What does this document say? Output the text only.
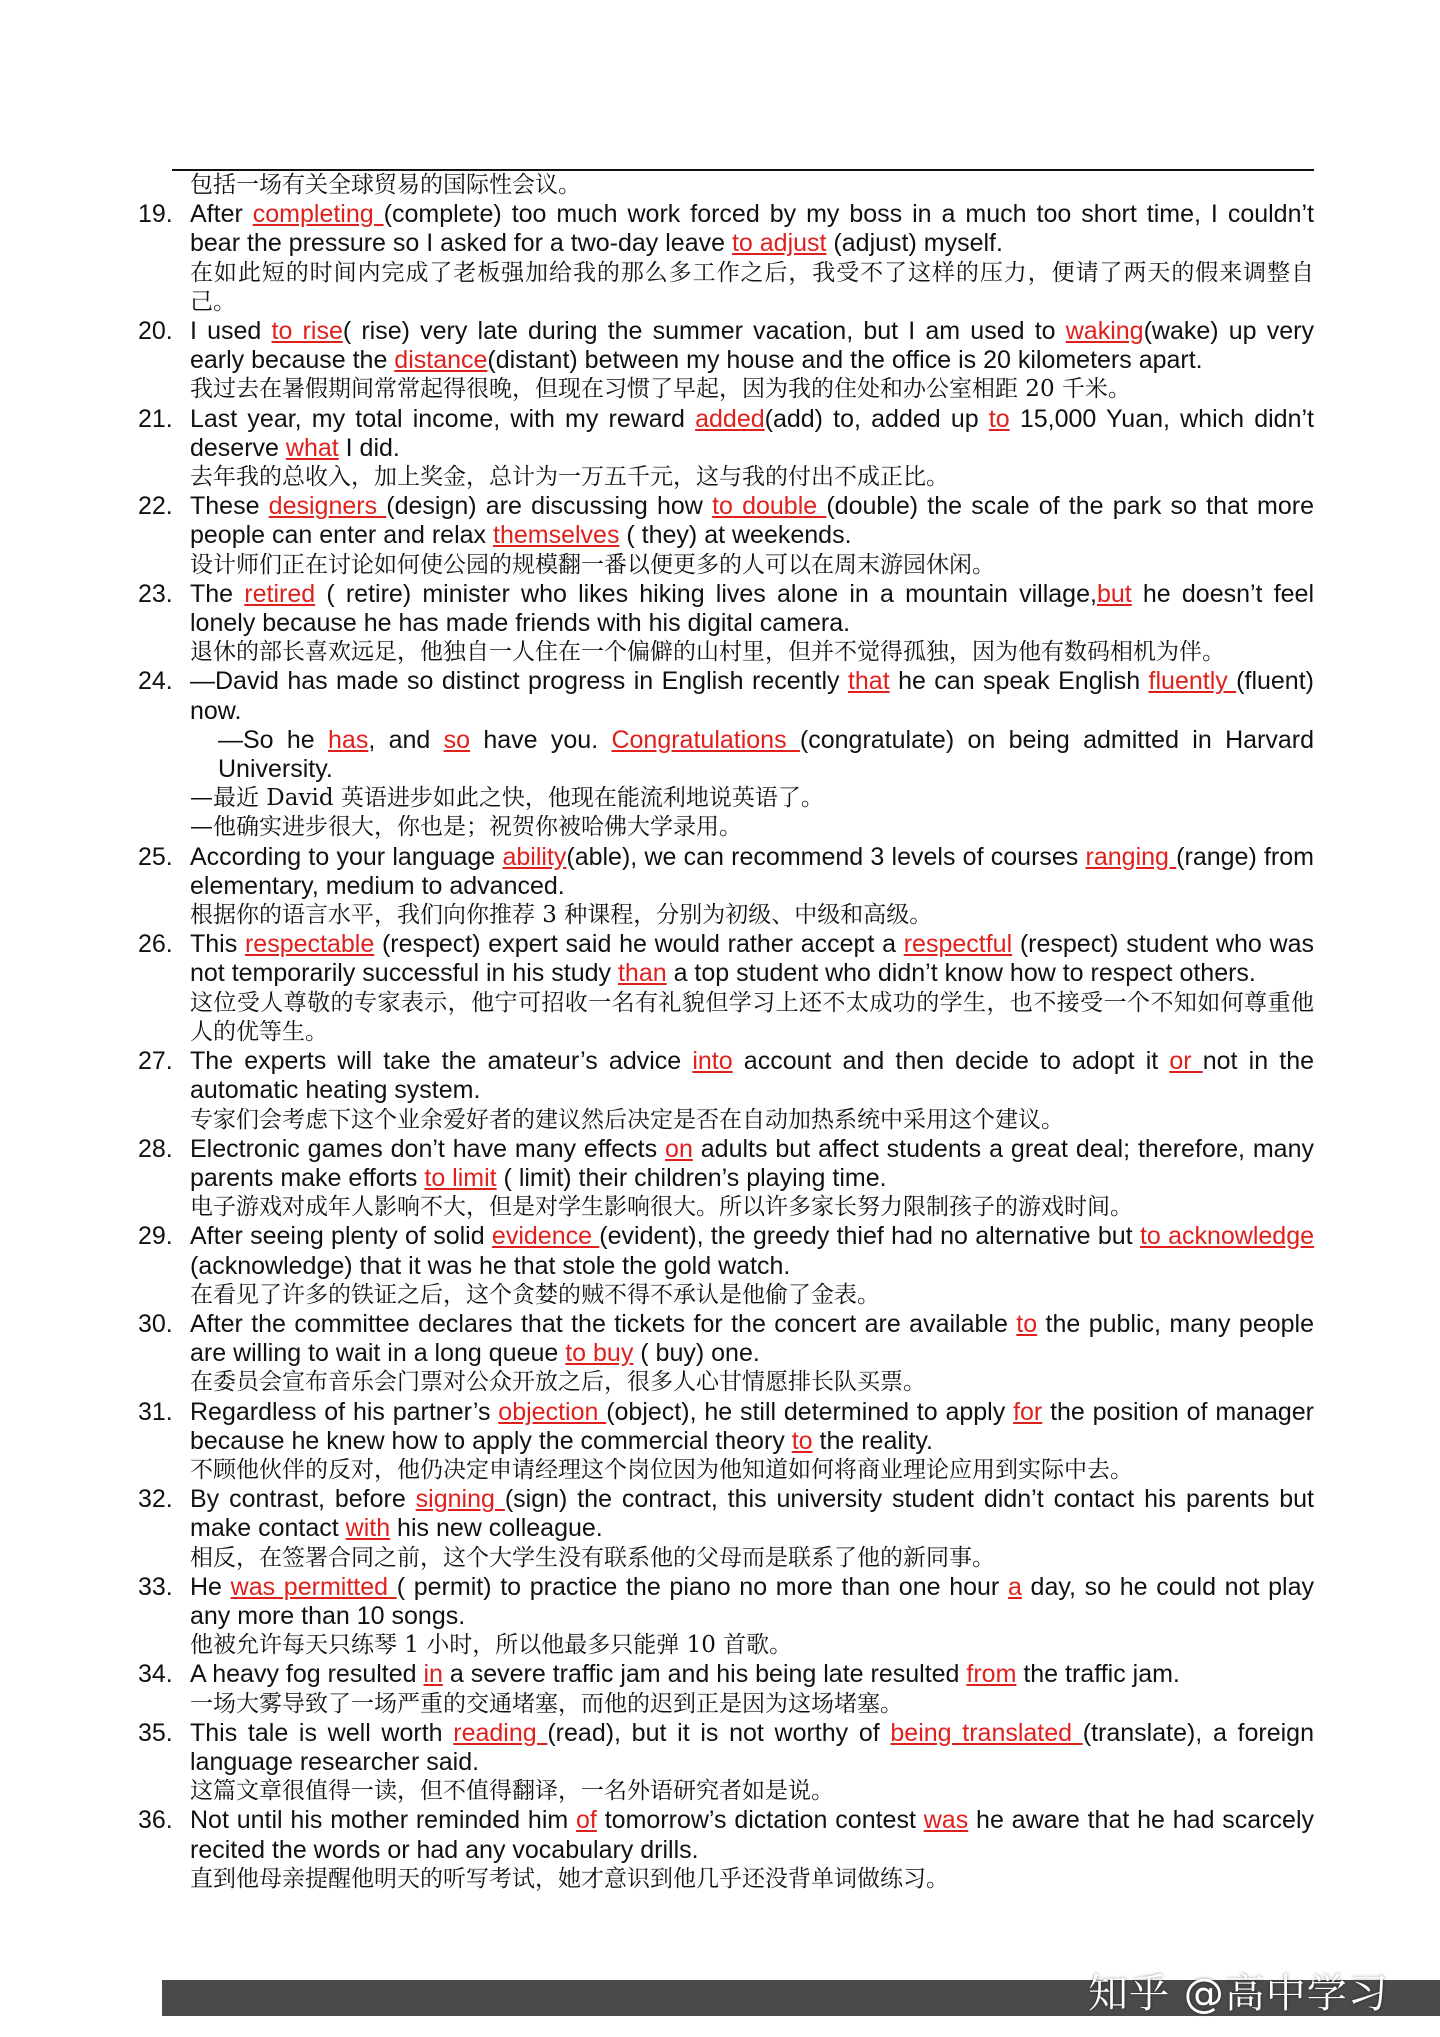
包括一场有关全球贸易的国际性会议。
19. After completing (complete) too much work forced by my boss in a much too short time, I couldn’t bear the pressure so I asked for a two-day leave to adjust (adjust) myself.
在如此短的时间内完成了老板强加给我的那么多工作之后，我受不了这样的压力，便请了两天的假来调整自己。
20. I used to rise( rise) very late during the summer vacation, but I am used to waking(wake) up very early because the distance(distant) between my house and the office is 20 kilometers apart.
我过去在暑假期间常常起得很晚，但现在习惯了早起，因为我的住处和办公室相距 20 千米。
21. Last year, my total income, with my reward added(add) to, added up to 15,000 Yuan, which didn’t deserve what I did.
去年我的总收入，加上奖金，总计为一万五千元，这与我的付出不成正比。
22. These designers (design) are discussing how to double (double) the scale of the park so that more people can enter and relax themselves ( they) at weekends.
设计师们正在讨论如何使公园的规模翻一番以便更多的人可以在周末游园休闲。
23. The retired ( retire) minister who likes hiking lives alone in a mountain village,but he doesn’t feel lonely because he has made friends with his digital camera.
退休的部长喜欢远足，他独自一人住在一个偏僻的山村里，但并不觉得孤独，因为他有数码相机为伴。
24. —David has made so distinct progress in English recently that he can speak English fluently (fluent) now.
—So he has, and so have you. Congratulations (congratulate) on being admitted in Harvard University.
—最近 David 英语进步如此之快，他现在能流利地说英语了。
—他确实进步很大，你也是；祝贺你被哈佛大学录用。
25. According to your language ability(able), we can recommend 3 levels of courses ranging (range) from elementary, medium to advanced.
根据你的语言水平，我们向你推荐 3 种课程，分别为初级、中级和高级。
26. This respectable (respect) expert said he would rather accept a respectful (respect) student who was not temporarily successful in his study than a top student who didn’t know how to respect others.
这位受人尊敬的专家表示，他宁可招收一名有礼貌但学习上还不太成功的学生，也不接受一个不知如何尊重他人的优等生。
27. The experts will take the amateur’s advice into account and then decide to adopt it or not in the automatic heating system.
专家们会考虑下这个业余爱好者的建议然后决定是否在自动加热系统中采用这个建议。
28. Electronic games don’t have many effects on adults but affect students a great deal; therefore, many parents make efforts to limit ( limit) their children’s playing time.
电子游戏对成年人影响不大，但是对学生影响很大。所以许多家长努力限制孩子的游戏时间。
29. After seeing plenty of solid evidence (evident), the greedy thief had no alternative but to acknowledge (acknowledge) that it was he that stole the gold watch.
在看见了许多的铁证之后，这个贪婪的贼不得不承认是他偷了金表。
30. After the committee declares that the tickets for the concert are available to the public, many people are willing to wait in a long queue to buy ( buy) one.
在委员会宣布音乐会门票对公众开放之后，很多人心甘情愿排长队买票。
31. Regardless of his partner’s objection (object), he still determined to apply for the position of manager because he knew how to apply the commercial theory to the reality.
不顾他伙伴的反对，他仍决定申请经理这个岗位因为他知道如何将商业理论应用到实际中去。
32. By contrast, before signing (sign) the contract, this university student didn’t contact his parents but make contact with his new colleague.
相反，在签署合同之前，这个大学生没有联系他的父母而是联系了他的新同事。
33. He was permitted ( permit) to practice the piano no more than one hour a day, so he could not play any more than 10 songs.
他被允许每天只练琴 1 小时，所以他最多只能弹 10 首歌。
34. A heavy fog resulted in a severe traffic jam and his being late resulted from the traffic jam.
一场大雾导致了一场严重的交通堵塞，而他的迟到正是因为这场堵塞。
35. This tale is well worth reading (read), but it is not worthy of being translated (translate), a foreign language researcher said.
这篇文章很值得一读，但不值得翻译，一名外语研究者如是说。
36. Not until his mother reminded him of tomorrow’s dictation contest was he aware that he had scarcely recited the words or had any vocabulary drills.
直到他母亲提醒他明天的听写考试，她才意识到他几乎还没背单词做练习。
知乎 @高中学习
